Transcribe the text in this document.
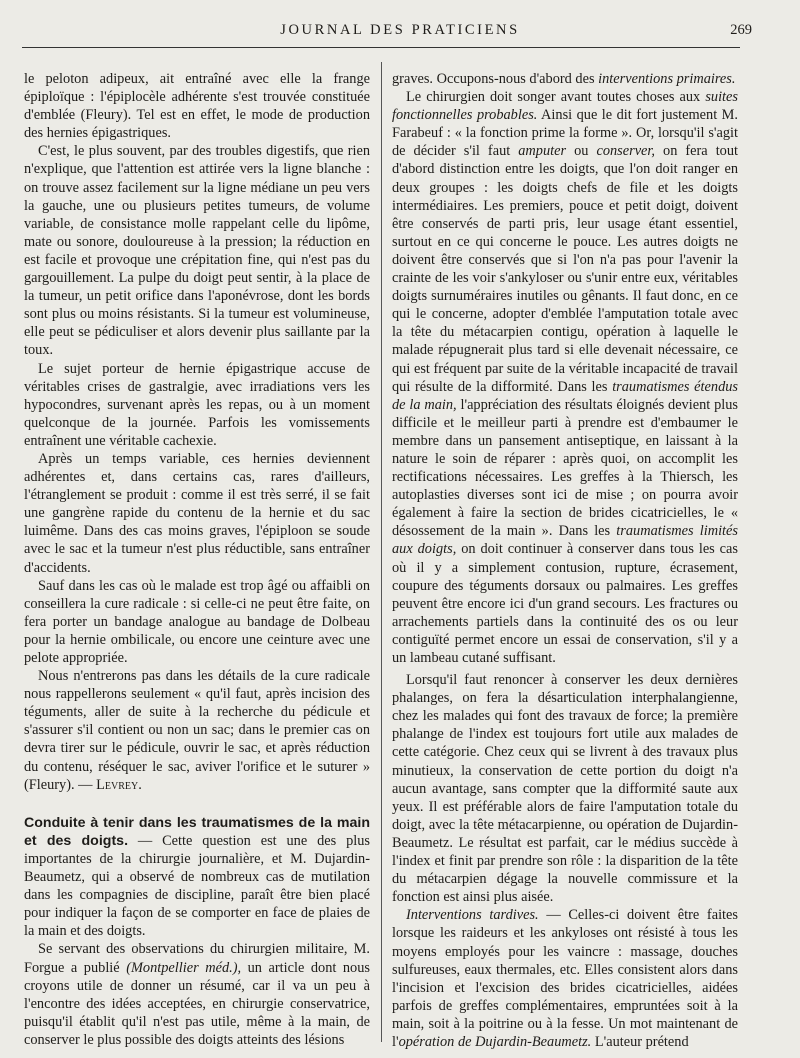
JOURNAL DES PRATICIENS	269

le peloton adipeux, ait entraîné avec elle la frange épiploïque : l'épiplocèle adhérente s'est trouvée constituée d'emblée (Fleury). Tel est en effet, le mode de production des hernies épigastriques.

C'est, le plus souvent, par des troubles digestifs, que rien n'explique, que l'attention est attirée vers la ligne blanche : on trouve assez facilement sur la ligne médiane un peu vers la gauche, une ou plusieurs petites tumeurs, de volume variable, de consistance molle rappelant celle du lipôme, mate ou sonore, douloureuse à la pression; la réduction en est facile et provoque une crépitation fine, qui n'est pas du gargouillement. La pulpe du doigt peut sentir, à la place de la tumeur, un petit orifice dans l'aponévrose, dont les bords sont plus ou moins résistants. Si la tumeur est volumineuse, elle peut se pédiculiser et alors devenir plus saillante par la toux.

Le sujet porteur de hernie épigastrique accuse de véritables crises de gastralgie, avec irradiations vers les hypocondres, survenant après les repas, ou à un moment quelconque de la journée. Parfois les vomissements entraînent une véritable cachexie.

Après un temps variable, ces hernies deviennent adhérentes et, dans certains cas, rares d'ailleurs, l'étranglement se produit : comme il est très serré, il se fait une gangrène rapide du contenu de la hernie et du sac luimême. Dans des cas moins graves, l'épiploon se soude avec le sac et la tumeur n'est plus réductible, sans entraîner d'accidents.

Sauf dans les cas où le malade est trop âgé ou affaibli on conseillera la cure radicale : si celle-ci ne peut être faite, on fera porter un bandage analogue au bandage de Dolbeau pour la hernie ombilicale, ou encore une ceinture avec une pelote appropriée.

Nous n'entrerons pas dans les détails de la cure radicale nous rappellerons seulement « qu'il faut, après incision des téguments, aller de suite à la recherche du pédicule et s'assurer s'il contient ou non un sac; dans le premier cas on devra tirer sur le pédicule, ouvrir le sac, et après réduction du contenu, réséquer le sac, aviver l'orifice et le suturer » (Fleury). — Levrey.

Conduite à tenir dans les traumatismes de la main et des doigts. — Cette question est une des plus importantes de la chirurgie journalière, et M. Dujardin-Beaumetz, qui a observé de nombreux cas de mutilation dans les compagnies de discipline, paraît être bien placé pour indiquer la façon de se comporter en face de plaies de la main et des doigts.

Se servant des observations du chirurgien militaire, M. Forgue a publié (Montpellier méd.), un article dont nous croyons utile de donner un résumé, car il va un peu à l'encontre des idées acceptées, en chirurgie conservatrice, puisqu'il établit qu'il n'est pas utile, même à la main, de conserver le plus possible des doigts atteints des lésions

graves. Occupons-nous d'abord des interventions primaires.

Le chirurgien doit songer avant toutes choses aux suites fonctionnelles probables. Ainsi que le dit fort justement M. Farabeuf : « la fonction prime la forme ». Or, lorsqu'il s'agit de décider s'il faut amputer ou conserver, on fera tout d'abord distinction entre les doigts, que l'on doit ranger en deux groupes : les doigts chefs de file et les doigts intermédiaires. Les premiers, pouce et petit doigt, doivent être conservés de parti pris, leur usage étant essentiel, surtout en ce qui concerne le pouce. Les autres doigts ne doivent être conservés que si l'on n'a pas pour l'avenir la crainte de les voir s'ankyloser ou s'unir entre eux, véritables doigts surnuméraires inutiles ou gênants. Il faut donc, en ce qui le concerne, adopter d'emblée l'amputation totale avec la tête du métacarpien contigu, opération à laquelle le malade répugnerait plus tard si elle devenait nécessaire, ce qui est fréquent par suite de la véritable incapacité de travail qui résulte de la difformité. Dans les traumatismes étendus de la main, l'appréciation des résultats éloignés devient plus difficile et le meilleur parti à prendre est d'embaumer le membre dans un pansement antiseptique, en laissant à la nature le soin de réparer : après quoi, on accomplit les rectifications nécessaires. Les greffes à la Thiersch, les autoplasties diverses sont ici de mise ; on pourra avoir également à faire la section de brides cicatricielles, le « désossement de la main ». Dans les traumatismes limités aux doigts, on doit continuer à conserver dans tous les cas où il y a simplement contusion, rupture, écrasement, coupure des téguments dorsaux ou palmaires. Les greffes peuvent être encore ici d'un grand secours. Les fractures ou arrachements partiels dans la continuité des os ou leur contiguïté permet encore un essai de conservation, s'il y a un lambeau cutané suffisant.

Lorsqu'il faut renoncer à conserver les deux dernières phalanges, on fera la désarticulation interphalangienne, chez les malades qui font des travaux de force; la première phalange de l'index est toujours fort utile aux malades de cette catégorie. Chez ceux qui se livrent à des travaux plus minutieux, la conservation de cette portion du doigt n'a aucun avantage, sans compter que la difformité saute aux yeux. Il est préférable alors de faire l'amputation totale du doigt, avec la tête métacarpienne, ou opération de Dujardin-Beaumetz. Le résultat est parfait, car le médius succède à l'index et finit par prendre son rôle : la disparition de la tête du métacarpien dégage la nouvelle commissure et la fonction est ainsi plus aisée.

Interventions tardives. — Celles-ci doivent être faites lorsque les raideurs et les ankyloses ont résisté à tous les moyens employés pour les vaincre : massage, douches sulfureuses, eaux thermales, etc. Elles consistent alors dans l'incision et l'excision des brides cicatricielles, aidées parfois de greffes complémentaires, empruntées soit à la main, soit à la poitrine ou à la fesse. Un mot maintenant de l'opération de Dujardin-Beaumetz. L'auteur prétend
